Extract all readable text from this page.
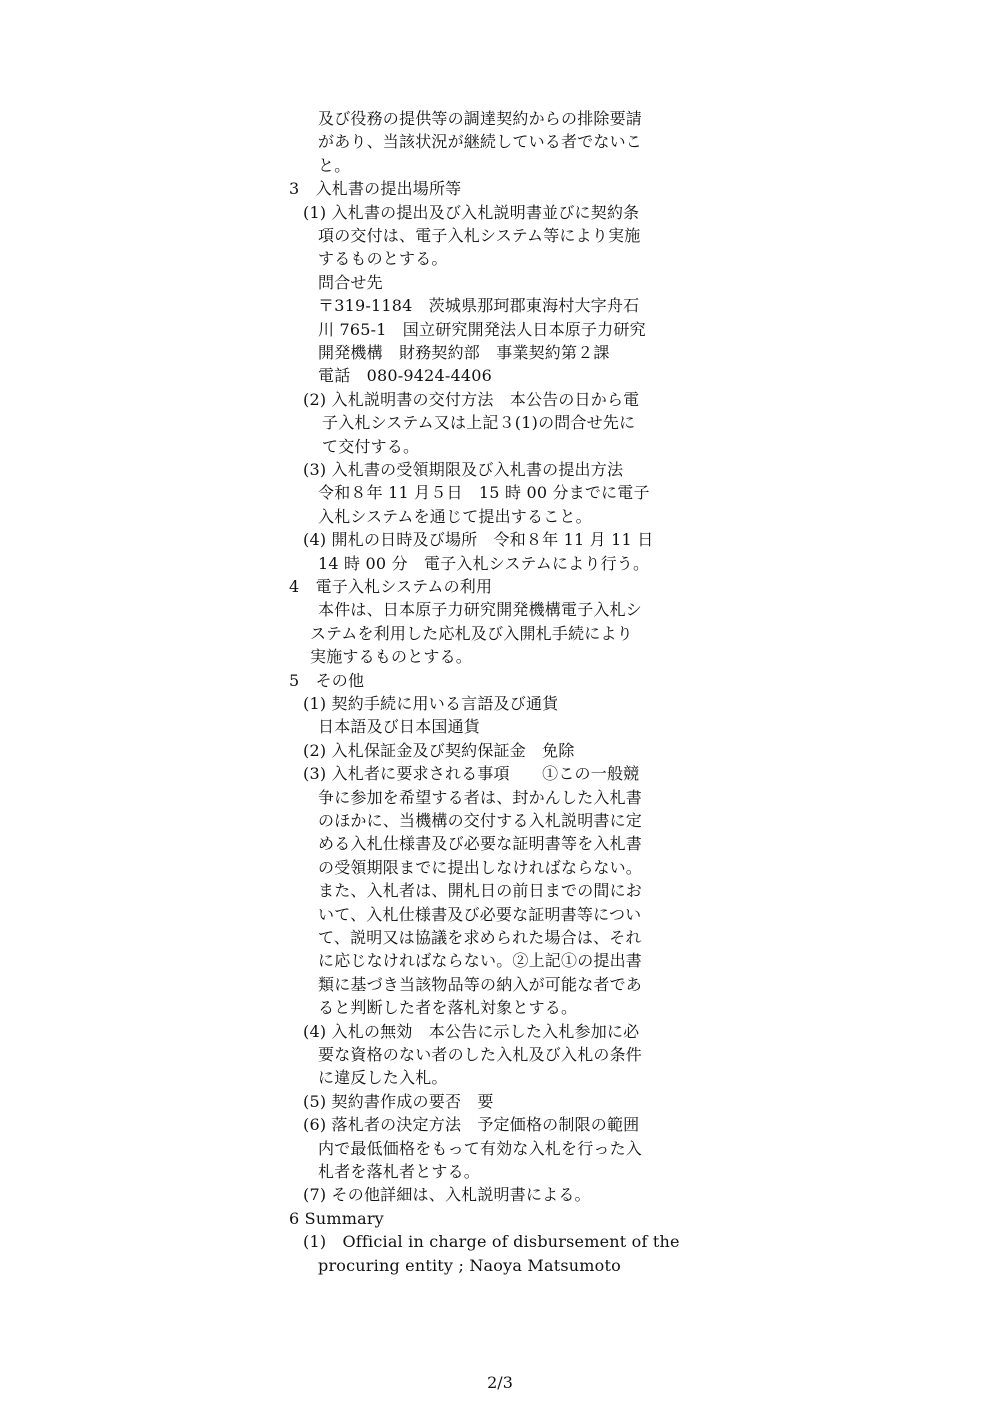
及び役務の提供等の調達契約からの排除要請
があり、当該状況が継続している者でないこ
と。
3　入札書の提出場所等
(1) 入札書の提出及び入札説明書並びに契約条
項の交付は、電子入札システム等により実施
するものとする。
問合せ先
〒319-1184　茨城県那珂郡東海村大字舟石
川 765-1　国立研究開発法人日本原子力研究
開発機構　財務契約部　事業契約第２課
電話　080-9424-4406
(2) 入札説明書の交付方法　本公告の日から電
子入札システム又は上記３(1)の問合せ先に
て交付する。
(3) 入札書の受領期限及び入札書の提出方法
令和８年 11 月５日　15 時 00 分までに電子
入札システムを通じて提出すること。
(4) 開札の日時及び場所　令和８年 11 月 11 日
14 時 00 分　電子入札システムにより行う。
4　電子入札システムの利用
本件は、日本原子力研究開発機構電子入札シ
ステムを利用した応札及び入開札手続により
実施するものとする。
5　その他
(1) 契約手続に用いる言語及び通貨
日本語及び日本国通貨
(2) 入札保証金及び契約保証金　免除
(3) 入札者に要求される事項　　①この一般競
争に参加を希望する者は、封かんした入札書
のほかに、当機構の交付する入札説明書に定
める入札仕様書及び必要な証明書等を入札書
の受領期限までに提出しなければならない。
また、入札者は、開札日の前日までの間にお
いて、入札仕様書及び必要な証明書等につい
て、説明又は協議を求められた場合は、それ
に応じなければならない。②上記①の提出書
類に基づき当該物品等の納入が可能な者であ
ると判断した者を落札対象とする。
(4) 入札の無効　本公告に示した入札参加に必
要な資格のない者のした入札及び入札の条件
に違反した入札。
(5) 契約書作成の要否　要
(6) 落札者の決定方法　予定価格の制限の範囲
内で最低価格をもって有効な入札を行った入
札者を落札者とする。
(7) その他詳細は、入札説明書による。
6 Summary
(1)　Official in charge of disbursement of the
procuring entity ; Naoya Matsumoto
2/3
